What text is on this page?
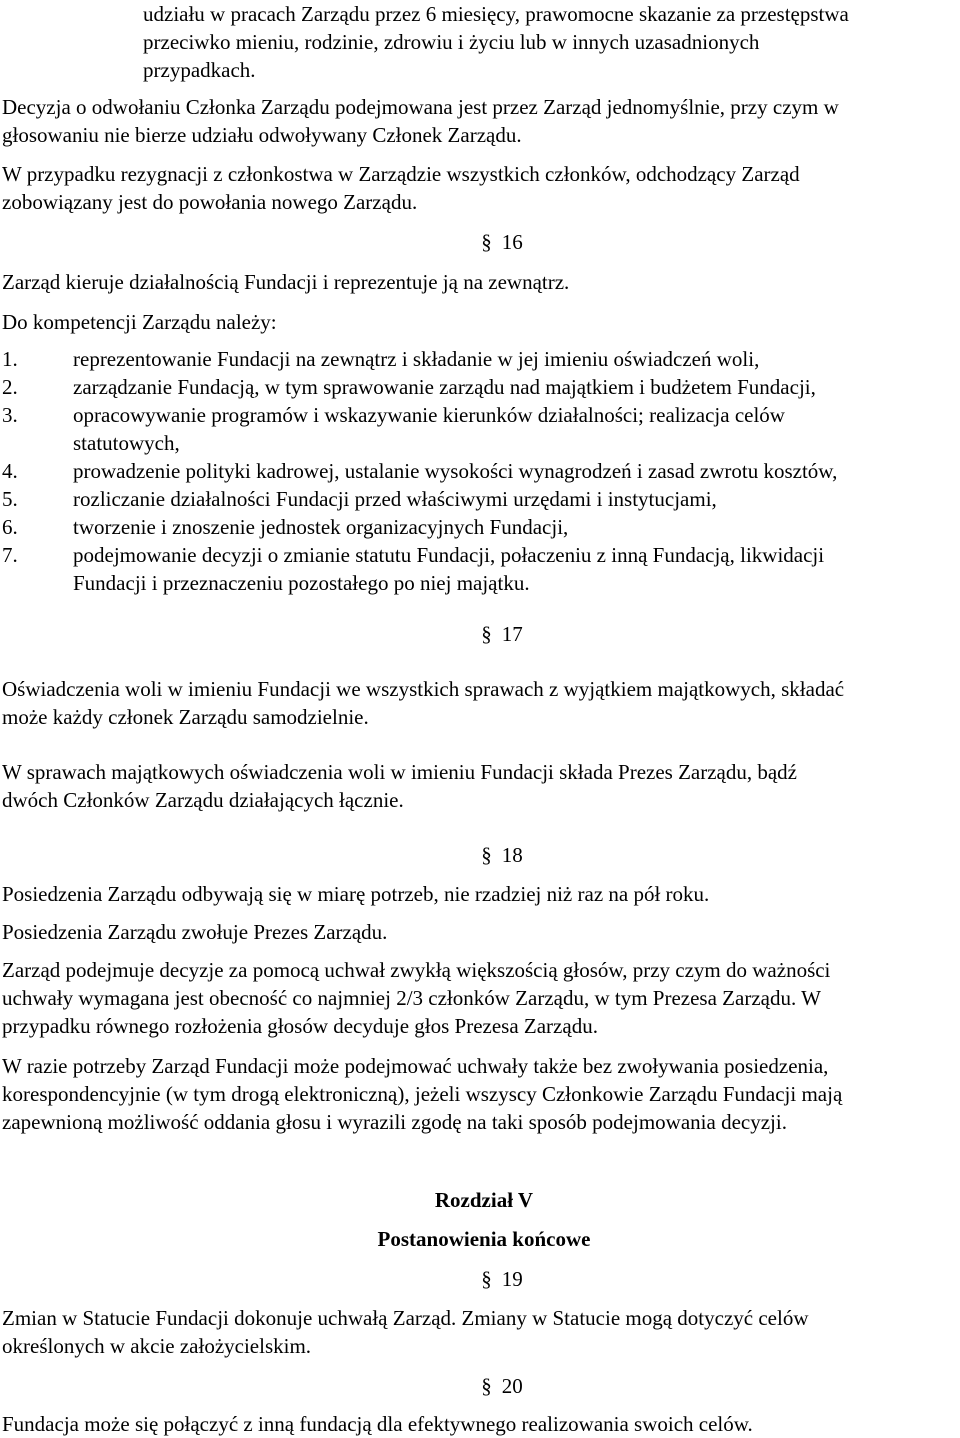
udziału w pracach Zarządu przez 6 miesięcy, prawomocne skazanie za przestępstwa
przeciwko mieniu, rodzinie, zdrowiu i życiu lub w innych uzasadnionych
przypadkach.

Decyzja o odwołaniu Członka Zarządu podejmowana jest przez Zarząd jednomyślnie, przy czym w
głosowaniu nie bierze udziału odwoływany Członek Zarządu.

W przypadku rezygnacji z członkostwa w Zarządzie wszystkich członków, odchodzący Zarząd
zobowiązany jest do powołania nowego Zarządu.

§ 16

Zarząd kieruje działalnością Fundacji i reprezentuje ją na zewnątrz.

Do kompetencji Zarządu należy:

1.	reprezentowanie Fundacji na zewnątrz i składanie w jej imieniu oświadczeń woli,
2.	zarządzanie Fundacją, w tym sprawowanie zarządu nad majątkiem i budżetem Fundacji,
3.	opracowywanie programów i wskazywanie kierunków działalności; realizacja celów
statutowych,
4.	prowadzenie polityki kadrowej, ustalanie wysokości wynagrodzeń i zasad zwrotu kosztów,
5.	rozliczanie działalności Fundacji przed właściwymi urzędami i instytucjami,
6.	tworzenie i znoszenie jednostek organizacyjnych Fundacji,
7.	podejmowanie decyzji o zmianie statutu Fundacji, połaczeniu z inną Fundacją, likwidacji
Fundacji i przeznaczeniu pozostałego po niej majątku.
§ 17

Oświadczenia woli w imieniu Fundacji we wszystkich sprawach z wyjątkiem majątkowych, składać
może każdy członek Zarządu samodzielnie.

W sprawach majątkowych oświadczenia woli w imieniu Fundacji składa Prezes Zarządu, bądź
dwóch Członków Zarządu działających łącznie.

§ 18

Posiedzenia Zarządu odbywają się w miarę potrzeb, nie rzadziej niż raz na pół roku.

Posiedzenia Zarządu zwołuje Prezes Zarządu.

Zarząd podejmuje decyzje za pomocą uchwał zwykłą większością głosów, przy czym do ważności
uchwały wymagana jest obecność co najmniej 2/3 członków Zarządu, w tym Prezesa Zarządu. W
przypadku równego rozłożenia głosów decyduje głos Prezesa Zarządu.

W razie potrzeby Zarząd Fundacji może podejmować uchwały także bez zwoływania posiedzenia,
korespondencyjnie (w tym drogą elektroniczną), jeżeli wszyscy Członkowie Zarządu Fundacji mają
zapewnioną możliwość oddania głosu i wyrazili zgodę na taki sposób podejmowania decyzji.

Rozdział V
Postanowienia końcowe
§ 19

Zmian w Statucie Fundacji dokonuje uchwałą Zarząd. Zmiany w Statucie mogą dotyczyć celów
określonych w akcie założycielskim.

§ 20

Fundacja może się połączyć z inną fundacją dla efektywnego realizowania swoich celów.
